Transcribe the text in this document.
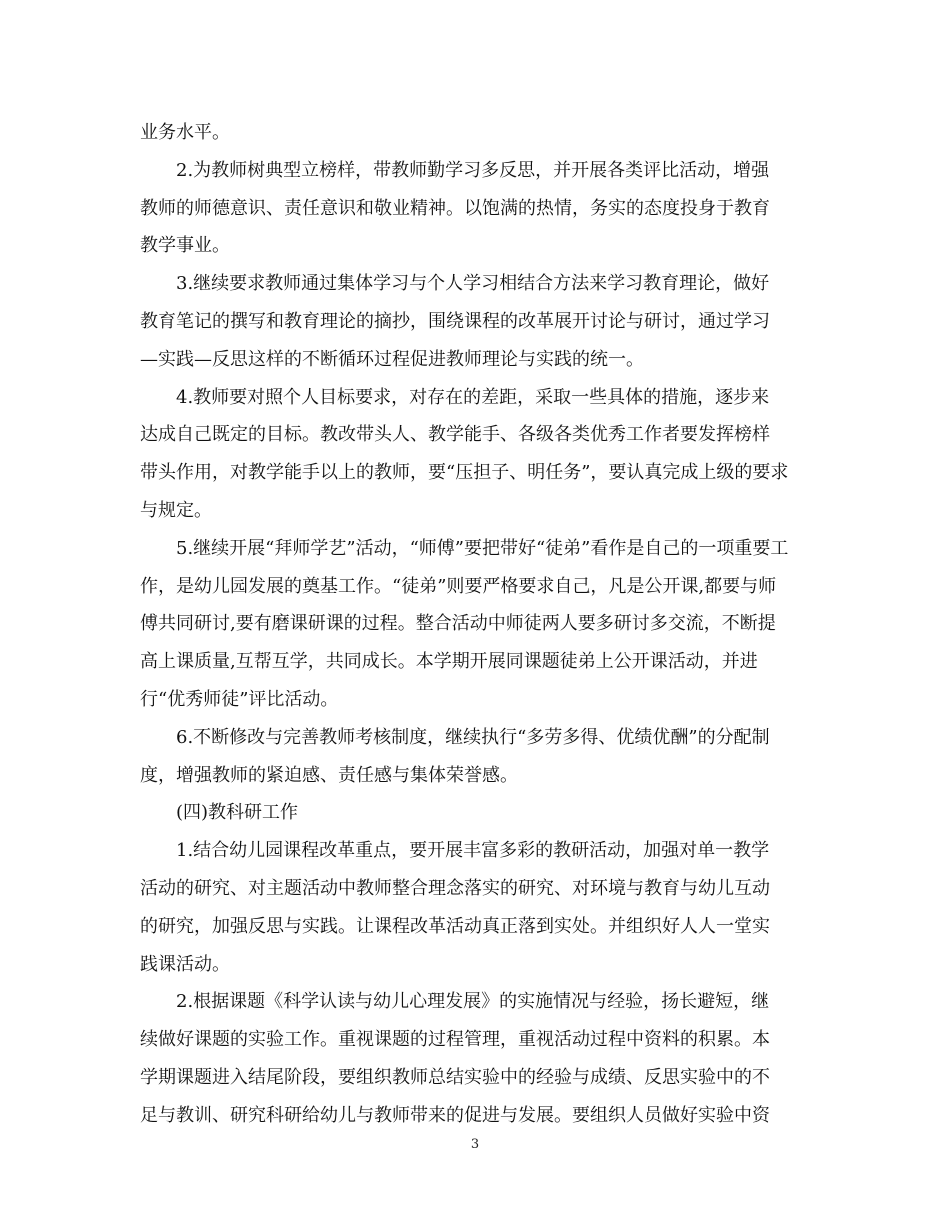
业务水平。
2.为教师树典型立榜样，带教师勤学习多反思，并开展各类评比活动，增强
教师的师德意识、责任意识和敬业精神。以饱满的热情，务实的态度投身于教育
教学事业。
3.继续要求教师通过集体学习与个人学习相结合方法来学习教育理论，做好
教育笔记的撰写和教育理论的摘抄，围绕课程的改革展开讨论与研讨，通过学习
—实践—反思这样的不断循环过程促进教师理论与实践的统一。
4.教师要对照个人目标要求，对存在的差距，采取一些具体的措施，逐步来
达成自己既定的目标。教改带头人、教学能手、各级各类优秀工作者要发挥榜样
带头作用，对教学能手以上的教师，要“压担子、明任务”，要认真完成上级的要求
与规定。
5.继续开展“拜师学艺”活动，“师傅”要把带好“徒弟”看作是自己的一项重要工
作，是幼儿园发展的奠基工作。“徒弟”则要严格要求自己，凡是公开课,都要与师
傅共同研讨,要有磨课研课的过程。整合活动中师徒两人要多研讨多交流，不断提
高上课质量,互帮互学，共同成长。本学期开展同课题徒弟上公开课活动，并进
行“优秀师徒”评比活动。
6.不断修改与完善教师考核制度，继续执行“多劳多得、优绩优酬”的分配制
度，增强教师的紧迫感、责任感与集体荣誉感。
(四)教科研工作
1.结合幼儿园课程改革重点，要开展丰富多彩的教研活动，加强对单一教学
活动的研究、对主题活动中教师整合理念落实的研究、对环境与教育与幼儿互动
的研究，加强反思与实践。让课程改革活动真正落到实处。并组织好人人一堂实
践课活动。
2.根据课题《科学认读与幼儿心理发展》的实施情况与经验，扬长避短，继
续做好课题的实验工作。重视课题的过程管理，重视活动过程中资料的积累。本
学期课题进入结尾阶段，要组织教师总结实验中的经验与成绩、反思实验中的不
足与教训、研究科研给幼儿与教师带来的促进与发展。要组织人员做好实验中资
3
